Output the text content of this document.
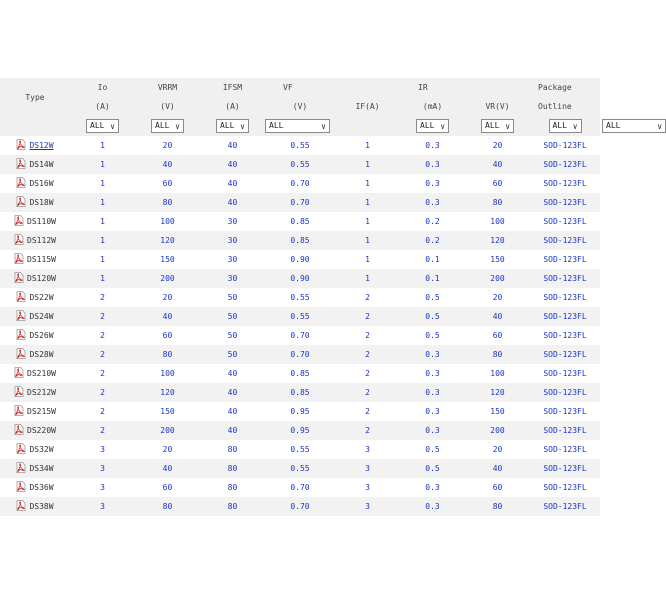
Type	Io	VRRM	IFSM	VF		IR		Package	
	(A)	(V)	(A)	(V)	IF(A)	(mA)	VR(V)	Outline	
	ALL ∨	ALL ∨	ALL ∨	ALL ∨		ALL ∨	ALL ∨	ALL ∨	ALL ∨

DS12W	1	20	40	0.55	1	0.3	20	SOD-123FL	
DS14W	1	40	40	0.55	1	0.3	40	SOD-123FL	
DS16W	1	60	40	0.70	1	0.3	60	SOD-123FL	
DS18W	1	80	40	0.70	1	0.3	80	SOD-123FL	
DS110W	1	100	30	0.85	1	0.2	100	SOD-123FL	
DS112W	1	120	30	0.85	1	0.2	120	SOD-123FL	
DS115W	1	150	30	0.90	1	0.1	150	SOD-123FL	
DS120W	1	200	30	0.90	1	0.1	200	SOD-123FL	
DS22W	2	20	50	0.55	2	0.5	20	SOD-123FL	
DS24W	2	40	50	0.55	2	0.5	40	SOD-123FL	
DS26W	2	60	50	0.70	2	0.5	60	SOD-123FL	
DS28W	2	80	50	0.70	2	0.3	80	SOD-123FL	
DS210W	2	100	40	0.85	2	0.3	100	SOD-123FL	
DS212W	2	120	40	0.85	2	0.3	120	SOD-123FL	
DS215W	2	150	40	0.95	2	0.3	150	SOD-123FL	
DS220W	2	200	40	0.95	2	0.3	200	SOD-123FL	
DS32W	3	20	80	0.55	3	0.5	20	SOD-123FL	
DS34W	3	40	80	0.55	3	0.5	40	SOD-123FL	
DS36W	3	60	80	0.70	3	0.3	60	SOD-123FL	
DS38W	3	80	80	0.70	3	0.3	80	SOD-123FL	
